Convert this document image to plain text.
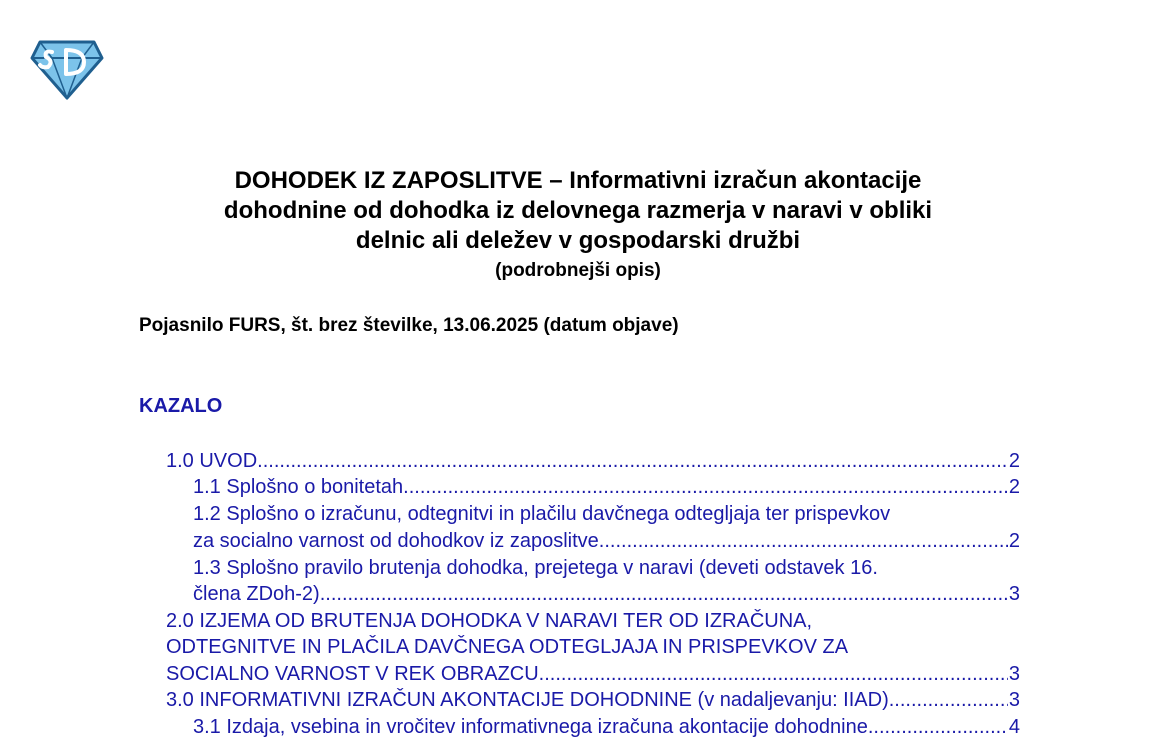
DOHODEK IZ ZAPOSLITVE – Informativni izračun akontacije
dohodnine od dohodka iz delovnega razmerja v naravi v obliki
delnic ali deležev v gospodarski družbi
(podrobnejši opis)
Pojasnilo FURS, št. brez številke, 13.06.2025 (datum objave)
KAZALO
1.0 UVOD .....	2
1.1 Splošno o bonitetah .....	2
1.2 Splošno o izračunu, odtegnitvi in plačilu davčnega odtegljaja ter prispevkov
za socialno varnost od dohodkov iz zaposlitve .....	2
1.3 Splošno pravilo brutenja dohodka, prejetega v naravi (deveti odstavek 16.
člena ZDoh-2) .....	3
2.0 IZJEMA OD BRUTENJA DOHODKA V NARAVI TER OD IZRAČUNA,
ODTEGNITVE IN PLAČILA DAVČNEGA ODTEGLJAJA IN PRISPEVKOV ZA
SOCIALNO VARNOST V REK OBRAZCU .....	3
3.0 INFORMATIVNI IZRAČUN AKONTACIJE DOHODNINE (v nadaljevanju: IIAD) .....	3
3.1 Izdaja, vsebina in vročitev informativnega izračuna akontacije dohodnine .....	4
